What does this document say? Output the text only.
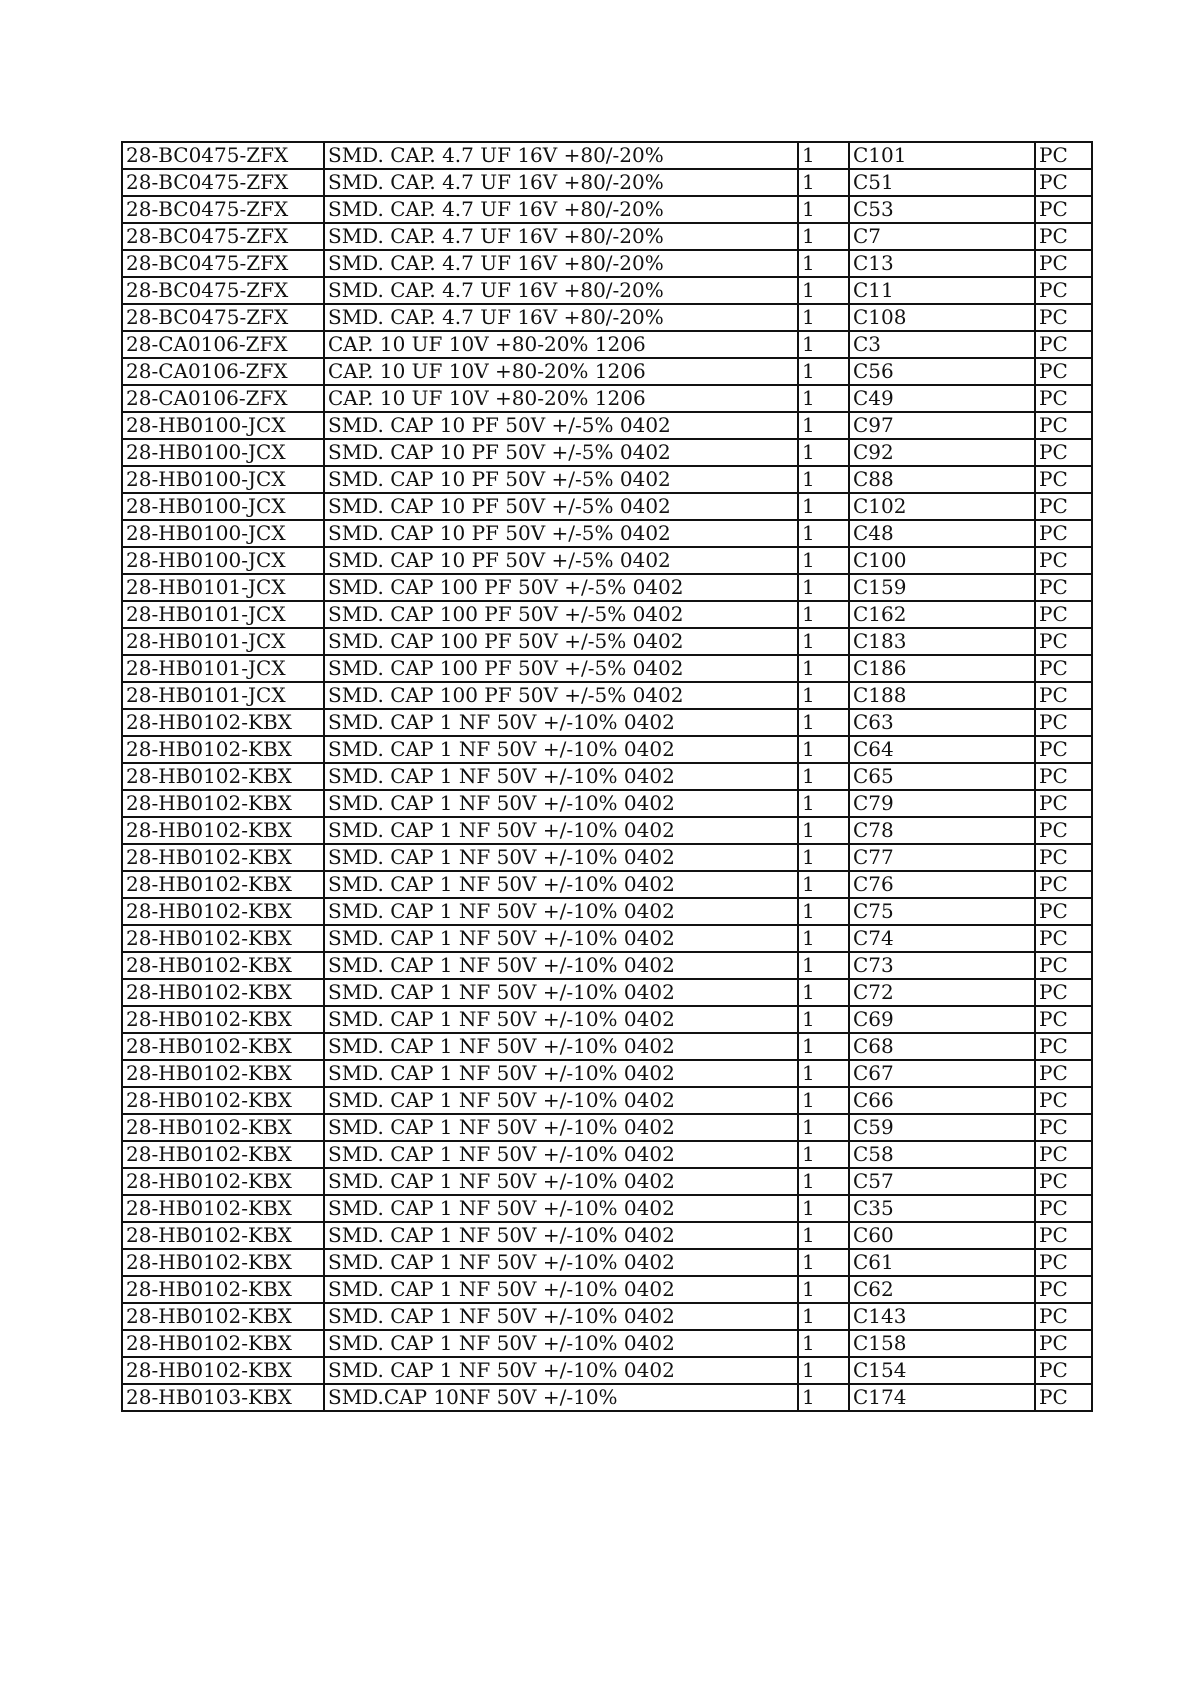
28-BC0475-ZFX	SMD. CAP. 4.7 UF 16V +80/-20%	1	C101	PC
28-BC0475-ZFX	SMD. CAP. 4.7 UF 16V +80/-20%	1	C51	PC
28-BC0475-ZFX	SMD. CAP. 4.7 UF 16V +80/-20%	1	C53	PC
28-BC0475-ZFX	SMD. CAP. 4.7 UF 16V +80/-20%	1	C7	PC
28-BC0475-ZFX	SMD. CAP. 4.7 UF 16V +80/-20%	1	C13	PC
28-BC0475-ZFX	SMD. CAP. 4.7 UF 16V +80/-20%	1	C11	PC
28-BC0475-ZFX	SMD. CAP. 4.7 UF 16V +80/-20%	1	C108	PC
28-CA0106-ZFX	CAP. 10 UF 10V +80-20% 1206	1	C3	PC
28-CA0106-ZFX	CAP. 10 UF 10V +80-20% 1206	1	C56	PC
28-CA0106-ZFX	CAP. 10 UF 10V +80-20% 1206	1	C49	PC
28-HB0100-JCX	SMD. CAP 10 PF 50V +/-5% 0402	1	C97	PC
28-HB0100-JCX	SMD. CAP 10 PF 50V +/-5% 0402	1	C92	PC
28-HB0100-JCX	SMD. CAP 10 PF 50V +/-5% 0402	1	C88	PC
28-HB0100-JCX	SMD. CAP 10 PF 50V +/-5% 0402	1	C102	PC
28-HB0100-JCX	SMD. CAP 10 PF 50V +/-5% 0402	1	C48	PC
28-HB0100-JCX	SMD. CAP 10 PF 50V +/-5% 0402	1	C100	PC
28-HB0101-JCX	SMD. CAP 100 PF 50V +/-5% 0402	1	C159	PC
28-HB0101-JCX	SMD. CAP 100 PF 50V +/-5% 0402	1	C162	PC
28-HB0101-JCX	SMD. CAP 100 PF 50V +/-5% 0402	1	C183	PC
28-HB0101-JCX	SMD. CAP 100 PF 50V +/-5% 0402	1	C186	PC
28-HB0101-JCX	SMD. CAP 100 PF 50V +/-5% 0402	1	C188	PC
28-HB0102-KBX	SMD. CAP 1 NF 50V +/-10% 0402	1	C63	PC
28-HB0102-KBX	SMD. CAP 1 NF 50V +/-10% 0402	1	C64	PC
28-HB0102-KBX	SMD. CAP 1 NF 50V +/-10% 0402	1	C65	PC
28-HB0102-KBX	SMD. CAP 1 NF 50V +/-10% 0402	1	C79	PC
28-HB0102-KBX	SMD. CAP 1 NF 50V +/-10% 0402	1	C78	PC
28-HB0102-KBX	SMD. CAP 1 NF 50V +/-10% 0402	1	C77	PC
28-HB0102-KBX	SMD. CAP 1 NF 50V +/-10% 0402	1	C76	PC
28-HB0102-KBX	SMD. CAP 1 NF 50V +/-10% 0402	1	C75	PC
28-HB0102-KBX	SMD. CAP 1 NF 50V +/-10% 0402	1	C74	PC
28-HB0102-KBX	SMD. CAP 1 NF 50V +/-10% 0402	1	C73	PC
28-HB0102-KBX	SMD. CAP 1 NF 50V +/-10% 0402	1	C72	PC
28-HB0102-KBX	SMD. CAP 1 NF 50V +/-10% 0402	1	C69	PC
28-HB0102-KBX	SMD. CAP 1 NF 50V +/-10% 0402	1	C68	PC
28-HB0102-KBX	SMD. CAP 1 NF 50V +/-10% 0402	1	C67	PC
28-HB0102-KBX	SMD. CAP 1 NF 50V +/-10% 0402	1	C66	PC
28-HB0102-KBX	SMD. CAP 1 NF 50V +/-10% 0402	1	C59	PC
28-HB0102-KBX	SMD. CAP 1 NF 50V +/-10% 0402	1	C58	PC
28-HB0102-KBX	SMD. CAP 1 NF 50V +/-10% 0402	1	C57	PC
28-HB0102-KBX	SMD. CAP 1 NF 50V +/-10% 0402	1	C35	PC
28-HB0102-KBX	SMD. CAP 1 NF 50V +/-10% 0402	1	C60	PC
28-HB0102-KBX	SMD. CAP 1 NF 50V +/-10% 0402	1	C61	PC
28-HB0102-KBX	SMD. CAP 1 NF 50V +/-10% 0402	1	C62	PC
28-HB0102-KBX	SMD. CAP 1 NF 50V +/-10% 0402	1	C143	PC
28-HB0102-KBX	SMD. CAP 1 NF 50V +/-10% 0402	1	C158	PC
28-HB0102-KBX	SMD. CAP 1 NF 50V +/-10% 0402	1	C154	PC
28-HB0103-KBX	SMD.CAP 10NF 50V +/-10%	1	C174	PC
